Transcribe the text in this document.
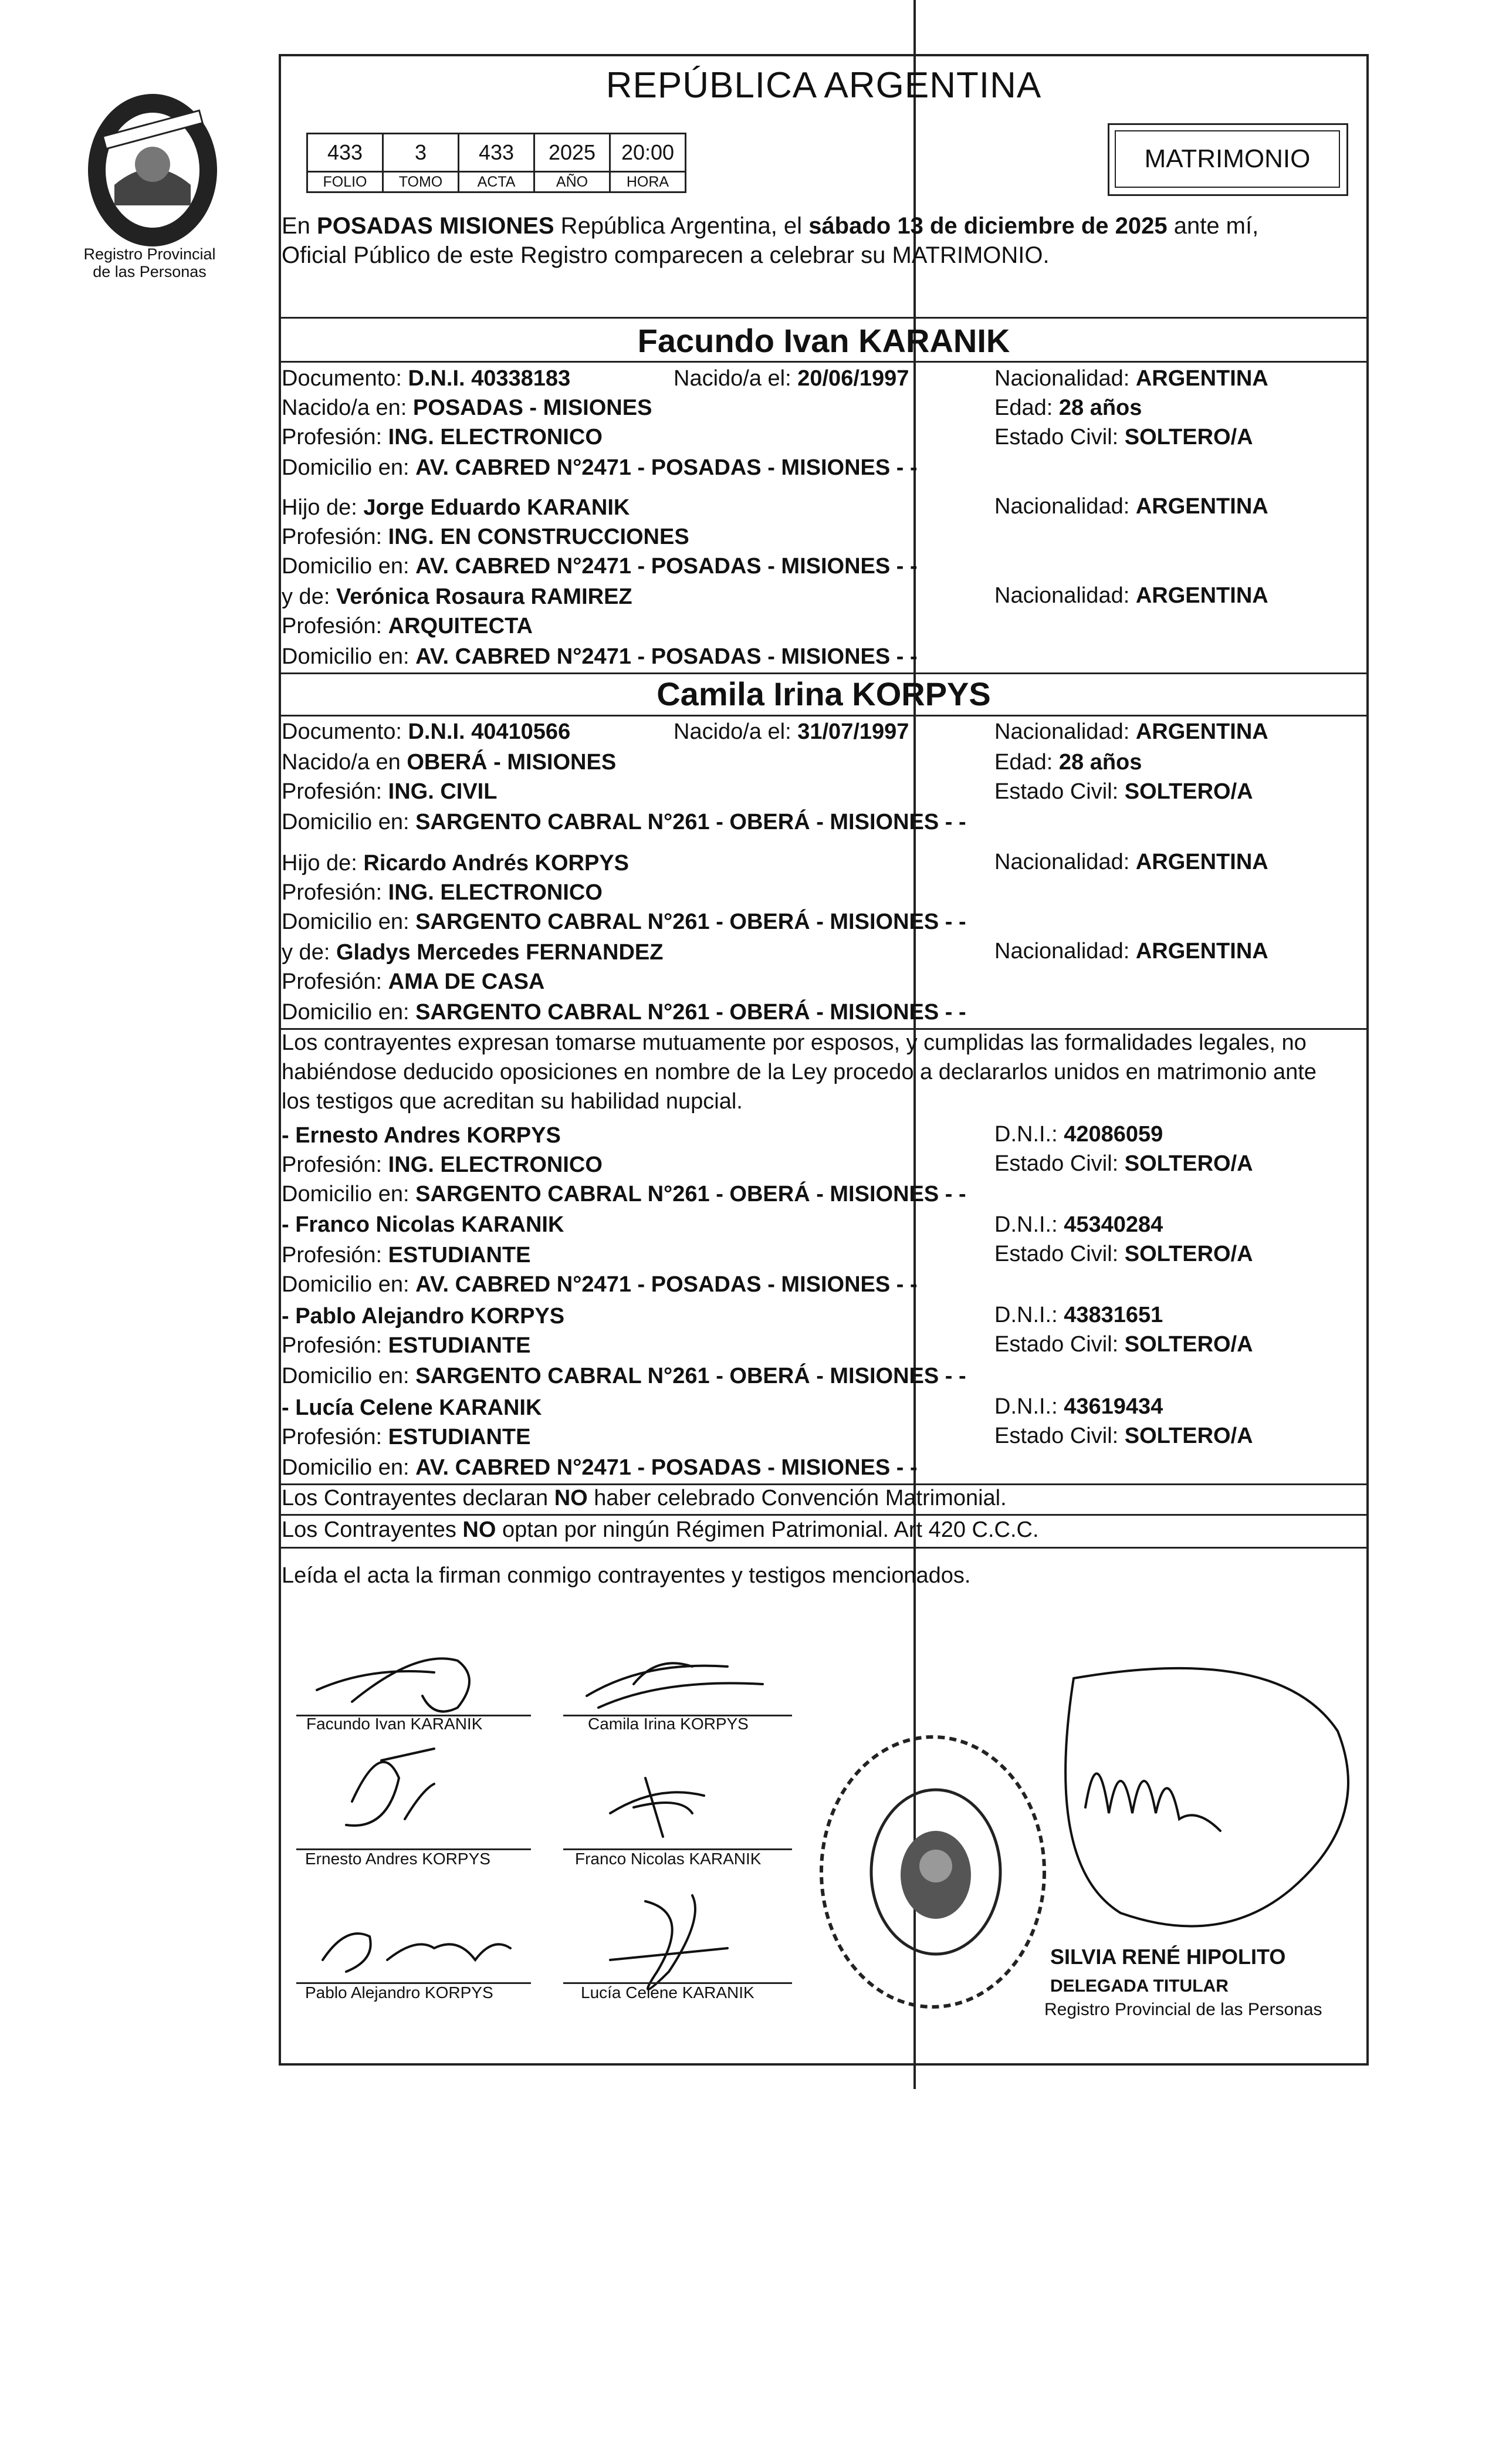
Registro Provincial
de las Personas
REPÚBLICA ARGENTINA
433	3	433	2025	20:00
FOLIO	TOMO	ACTA	AÑO	HORA
MATRIMONIO
En POSADAS MISIONES República Argentina, el sábado 13 de diciembre de 2025 ante mí,
Oficial Público de este Registro comparecen a celebrar su MATRIMONIO.
Facundo Ivan KARANIK
Documento: D.N.I. 40338183	Nacido/a el: 20/06/1997	Nacionalidad: ARGENTINA
Nacido/a en: POSADAS - MISIONES	Edad: 28 años
Profesión: ING. ELECTRONICO	Estado Civil: SOLTERO/A
Domicilio en: AV. CABRED N°2471 - POSADAS - MISIONES - -
Hijo de: Jorge Eduardo KARANIK	Nacionalidad: ARGENTINA
Profesión: ING. EN CONSTRUCCIONES
Domicilio en: AV. CABRED N°2471 - POSADAS - MISIONES - -
y de: Verónica Rosaura RAMIREZ	Nacionalidad: ARGENTINA
Profesión: ARQUITECTA
Domicilio en: AV. CABRED N°2471 - POSADAS - MISIONES - -
Camila Irina KORPYS
Documento: D.N.I. 40410566	Nacido/a el: 31/07/1997	Nacionalidad: ARGENTINA
Nacido/a en OBERÁ - MISIONES	Edad: 28 años
Profesión: ING. CIVIL	Estado Civil: SOLTERO/A
Domicilio en: SARGENTO CABRAL N°261 - OBERÁ - MISIONES - -
Hijo de: Ricardo Andrés KORPYS	Nacionalidad: ARGENTINA
Profesión: ING. ELECTRONICO
Domicilio en: SARGENTO CABRAL N°261 - OBERÁ - MISIONES - -
y de: Gladys Mercedes FERNANDEZ	Nacionalidad: ARGENTINA
Profesión: AMA DE CASA
Domicilio en: SARGENTO CABRAL N°261 - OBERÁ - MISIONES - -
Los contrayentes expresan tomarse mutuamente por esposos, y cumplidas las formalidades legales, no
habiéndose deducido oposiciones en nombre de la Ley procedo a declararlos unidos en matrimonio ante
los testigos que acreditan su habilidad nupcial.
- Ernesto Andres KORPYS	D.N.I.: 42086059
Profesión: ING. ELECTRONICO	Estado Civil: SOLTERO/A
Domicilio en: SARGENTO CABRAL N°261 - OBERÁ - MISIONES - -
- Franco Nicolas KARANIK	D.N.I.: 45340284
Profesión: ESTUDIANTE	Estado Civil: SOLTERO/A
Domicilio en: AV. CABRED N°2471 - POSADAS - MISIONES - -
- Pablo Alejandro KORPYS	D.N.I.: 43831651
Profesión: ESTUDIANTE	Estado Civil: SOLTERO/A
Domicilio en: SARGENTO CABRAL N°261 - OBERÁ - MISIONES - -
- Lucía Celene KARANIK	D.N.I.: 43619434
Profesión: ESTUDIANTE	Estado Civil: SOLTERO/A
Domicilio en: AV. CABRED N°2471 - POSADAS - MISIONES - -
Los Contrayentes declaran NO haber celebrado Convención Matrimonial.
Los Contrayentes NO optan por ningún Régimen Patrimonial. Art 420 C.C.C.
Leída el acta la firman conmigo contrayentes y testigos mencionados.
Facundo Ivan KARANIK	Camila Irina KORPYS
Ernesto Andres KORPYS	Franco Nicolas KARANIK
Pablo Alejandro KORPYS	Lucía Celene KARANIK
SILVIA RENÉ HIPOLITO
DELEGADA TITULAR
Registro Provincial de las Personas
